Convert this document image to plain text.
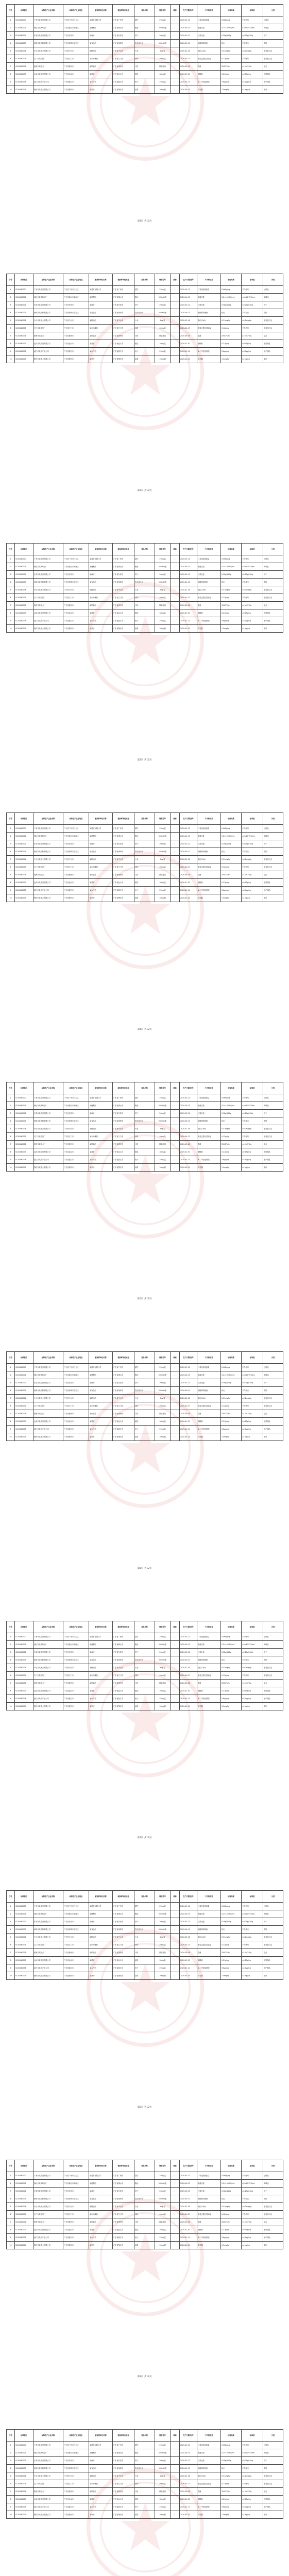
序号	抽样编号	标称生产企业名称	标称生产企业地址	被抽样单位名称	被抽样单位地址	食品名称	规格型号	商标	生产日期/批号	不合格项目	检验结果	标准值	分类
1	SC20440000	广州市某食品有限公司	广东省广州市白云区	某超市有限公司	广东省广州市	腐竹	250g/袋	/	2020-05-12	二氧化硫残留量	0.068g/kg	不得使用	豆制品
2	SC20440001	佛山市某调味品厂	广东省佛山市南海区	某便利店	广东省佛山市	酱油	500mL/瓶	/	2020-04-03	菌落总数	5.2×10⁴CFU/mL	≤3×10⁴CFU/mL	调味品
3	SC20440002	东莞市某食品有限公司	广东省东莞市	某商行	广东省东莞市	饼干	200g/包	/	2020-03-21	过氧化值	0.38g/100g	≤0.25g/100g	饼干
4	SC20440003	深圳市某饮料有限公司	广东省深圳市宝安区	某食品店	广东省深圳市	饮用纯净水	550mL/瓶	/	2020-05-01	铜绿假单胞菌	检出	不得检出	饮料
5	SC20440004	中山市某米业有限公司	广东省中山市	某粮油店	广东省中山市	大米	5kg/袋	/	2020-02-16	镉(以Cd计)	0.31mg/kg	≤0.2mg/kg	粮食加工品
6	SC20440005	江门市某食品厂	广东省江门市	某市场摊档	广东省江门市	米粉	400g/袋	/	2020-04-27	脱氢乙酸及其钠盐	0.12g/kg	不得使用	粮食加工品
7	SC20440006	惠州市某糕点厂	广东省惠州市	某烘焙店	广东省惠州市	月饼	散装称重	/	2020-05-08	霉菌	320CFU/g	≤150CFU/g	糕点
8	SC20440007	汕头市某食品有限公司	广东省汕头市	某超市	广东省汕头市	蜜饯	180g/袋	/	2020-01-30	糖精钠	0.21g/kg	≤0.15g/kg	水果制品
9	SC20440008	湛江市某水产品公司	广东省湛江市	某水产店	广东省湛江市	鱼干	250g/袋	/	2020-03-11	N-二甲基亚硝胺	5.6μg/kg	≤4.0μg/kg	水产制品
10	SC20440009	肇庆市某茶业有限公司	广东省肇庆市	某茶行	广东省肇庆市	绿茶	100g/罐	/	2020-04-15	草甘膦	1.5mg/kg	≤1mg/kg	茶叶
第1页 共12页
序号	抽样编号	标称生产企业名称	标称生产企业地址	被抽样单位名称	被抽样单位地址	食品名称	规格型号	商标	生产日期/批号	不合格项目	检验结果	标准值	分类
1	SC20440000	广州市某食品有限公司	广东省广州市白云区	某超市有限公司	广东省广州市	腐竹	250g/袋	/	2020-05-12	二氧化硫残留量	0.068g/kg	不得使用	豆制品
2	SC20440001	佛山市某调味品厂	广东省佛山市南海区	某便利店	广东省佛山市	酱油	500mL/瓶	/	2020-04-03	菌落总数	5.2×10⁴CFU/mL	≤3×10⁴CFU/mL	调味品
3	SC20440002	东莞市某食品有限公司	广东省东莞市	某商行	广东省东莞市	饼干	200g/包	/	2020-03-21	过氧化值	0.38g/100g	≤0.25g/100g	饼干
4	SC20440003	深圳市某饮料有限公司	广东省深圳市宝安区	某食品店	广东省深圳市	饮用纯净水	550mL/瓶	/	2020-05-01	铜绿假单胞菌	检出	不得检出	饮料
5	SC20440004	中山市某米业有限公司	广东省中山市	某粮油店	广东省中山市	大米	5kg/袋	/	2020-02-16	镉(以Cd计)	0.31mg/kg	≤0.2mg/kg	粮食加工品
6	SC20440005	江门市某食品厂	广东省江门市	某市场摊档	广东省江门市	米粉	400g/袋	/	2020-04-27	脱氢乙酸及其钠盐	0.12g/kg	不得使用	粮食加工品
7	SC20440006	惠州市某糕点厂	广东省惠州市	某烘焙店	广东省惠州市	月饼	散装称重	/	2020-05-08	霉菌	320CFU/g	≤150CFU/g	糕点
8	SC20440007	汕头市某食品有限公司	广东省汕头市	某超市	广东省汕头市	蜜饯	180g/袋	/	2020-01-30	糖精钠	0.21g/kg	≤0.15g/kg	水果制品
9	SC20440008	湛江市某水产品公司	广东省湛江市	某水产店	广东省湛江市	鱼干	250g/袋	/	2020-03-11	N-二甲基亚硝胺	5.6μg/kg	≤4.0μg/kg	水产制品
10	SC20440009	肇庆市某茶业有限公司	广东省肇庆市	某茶行	广东省肇庆市	绿茶	100g/罐	/	2020-04-15	草甘膦	1.5mg/kg	≤1mg/kg	茶叶
第2页 共12页
序号	抽样编号	标称生产企业名称	标称生产企业地址	被抽样单位名称	被抽样单位地址	食品名称	规格型号	商标	生产日期/批号	不合格项目	检验结果	标准值	分类
1	SC20440000	广州市某食品有限公司	广东省广州市白云区	某超市有限公司	广东省广州市	腐竹	250g/袋	/	2020-05-12	二氧化硫残留量	0.068g/kg	不得使用	豆制品
2	SC20440001	佛山市某调味品厂	广东省佛山市南海区	某便利店	广东省佛山市	酱油	500mL/瓶	/	2020-04-03	菌落总数	5.2×10⁴CFU/mL	≤3×10⁴CFU/mL	调味品
3	SC20440002	东莞市某食品有限公司	广东省东莞市	某商行	广东省东莞市	饼干	200g/包	/	2020-03-21	过氧化值	0.38g/100g	≤0.25g/100g	饼干
4	SC20440003	深圳市某饮料有限公司	广东省深圳市宝安区	某食品店	广东省深圳市	饮用纯净水	550mL/瓶	/	2020-05-01	铜绿假单胞菌	检出	不得检出	饮料
5	SC20440004	中山市某米业有限公司	广东省中山市	某粮油店	广东省中山市	大米	5kg/袋	/	2020-02-16	镉(以Cd计)	0.31mg/kg	≤0.2mg/kg	粮食加工品
6	SC20440005	江门市某食品厂	广东省江门市	某市场摊档	广东省江门市	米粉	400g/袋	/	2020-04-27	脱氢乙酸及其钠盐	0.12g/kg	不得使用	粮食加工品
7	SC20440006	惠州市某糕点厂	广东省惠州市	某烘焙店	广东省惠州市	月饼	散装称重	/	2020-05-08	霉菌	320CFU/g	≤150CFU/g	糕点
8	SC20440007	汕头市某食品有限公司	广东省汕头市	某超市	广东省汕头市	蜜饯	180g/袋	/	2020-01-30	糖精钠	0.21g/kg	≤0.15g/kg	水果制品
9	SC20440008	湛江市某水产品公司	广东省湛江市	某水产店	广东省湛江市	鱼干	250g/袋	/	2020-03-11	N-二甲基亚硝胺	5.6μg/kg	≤4.0μg/kg	水产制品
10	SC20440009	肇庆市某茶业有限公司	广东省肇庆市	某茶行	广东省肇庆市	绿茶	100g/罐	/	2020-04-15	草甘膦	1.5mg/kg	≤1mg/kg	茶叶
第3页 共12页
序号	抽样编号	标称生产企业名称	标称生产企业地址	被抽样单位名称	被抽样单位地址	食品名称	规格型号	商标	生产日期/批号	不合格项目	检验结果	标准值	分类
1	SC20440000	广州市某食品有限公司	广东省广州市白云区	某超市有限公司	广东省广州市	腐竹	250g/袋	/	2020-05-12	二氧化硫残留量	0.068g/kg	不得使用	豆制品
2	SC20440001	佛山市某调味品厂	广东省佛山市南海区	某便利店	广东省佛山市	酱油	500mL/瓶	/	2020-04-03	菌落总数	5.2×10⁴CFU/mL	≤3×10⁴CFU/mL	调味品
3	SC20440002	东莞市某食品有限公司	广东省东莞市	某商行	广东省东莞市	饼干	200g/包	/	2020-03-21	过氧化值	0.38g/100g	≤0.25g/100g	饼干
4	SC20440003	深圳市某饮料有限公司	广东省深圳市宝安区	某食品店	广东省深圳市	饮用纯净水	550mL/瓶	/	2020-05-01	铜绿假单胞菌	检出	不得检出	饮料
5	SC20440004	中山市某米业有限公司	广东省中山市	某粮油店	广东省中山市	大米	5kg/袋	/	2020-02-16	镉(以Cd计)	0.31mg/kg	≤0.2mg/kg	粮食加工品
6	SC20440005	江门市某食品厂	广东省江门市	某市场摊档	广东省江门市	米粉	400g/袋	/	2020-04-27	脱氢乙酸及其钠盐	0.12g/kg	不得使用	粮食加工品
7	SC20440006	惠州市某糕点厂	广东省惠州市	某烘焙店	广东省惠州市	月饼	散装称重	/	2020-05-08	霉菌	320CFU/g	≤150CFU/g	糕点
8	SC20440007	汕头市某食品有限公司	广东省汕头市	某超市	广东省汕头市	蜜饯	180g/袋	/	2020-01-30	糖精钠	0.21g/kg	≤0.15g/kg	水果制品
9	SC20440008	湛江市某水产品公司	广东省湛江市	某水产店	广东省湛江市	鱼干	250g/袋	/	2020-03-11	N-二甲基亚硝胺	5.6μg/kg	≤4.0μg/kg	水产制品
10	SC20440009	肇庆市某茶业有限公司	广东省肇庆市	某茶行	广东省肇庆市	绿茶	100g/罐	/	2020-04-15	草甘膦	1.5mg/kg	≤1mg/kg	茶叶
第4页 共12页
序号	抽样编号	标称生产企业名称	标称生产企业地址	被抽样单位名称	被抽样单位地址	食品名称	规格型号	商标	生产日期/批号	不合格项目	检验结果	标准值	分类
1	SC20440000	广州市某食品有限公司	广东省广州市白云区	某超市有限公司	广东省广州市	腐竹	250g/袋	/	2020-05-12	二氧化硫残留量	0.068g/kg	不得使用	豆制品
2	SC20440001	佛山市某调味品厂	广东省佛山市南海区	某便利店	广东省佛山市	酱油	500mL/瓶	/	2020-04-03	菌落总数	5.2×10⁴CFU/mL	≤3×10⁴CFU/mL	调味品
3	SC20440002	东莞市某食品有限公司	广东省东莞市	某商行	广东省东莞市	饼干	200g/包	/	2020-03-21	过氧化值	0.38g/100g	≤0.25g/100g	饼干
4	SC20440003	深圳市某饮料有限公司	广东省深圳市宝安区	某食品店	广东省深圳市	饮用纯净水	550mL/瓶	/	2020-05-01	铜绿假单胞菌	检出	不得检出	饮料
5	SC20440004	中山市某米业有限公司	广东省中山市	某粮油店	广东省中山市	大米	5kg/袋	/	2020-02-16	镉(以Cd计)	0.31mg/kg	≤0.2mg/kg	粮食加工品
6	SC20440005	江门市某食品厂	广东省江门市	某市场摊档	广东省江门市	米粉	400g/袋	/	2020-04-27	脱氢乙酸及其钠盐	0.12g/kg	不得使用	粮食加工品
7	SC20440006	惠州市某糕点厂	广东省惠州市	某烘焙店	广东省惠州市	月饼	散装称重	/	2020-05-08	霉菌	320CFU/g	≤150CFU/g	糕点
8	SC20440007	汕头市某食品有限公司	广东省汕头市	某超市	广东省汕头市	蜜饯	180g/袋	/	2020-01-30	糖精钠	0.21g/kg	≤0.15g/kg	水果制品
9	SC20440008	湛江市某水产品公司	广东省湛江市	某水产店	广东省湛江市	鱼干	250g/袋	/	2020-03-11	N-二甲基亚硝胺	5.6μg/kg	≤4.0μg/kg	水产制品
10	SC20440009	肇庆市某茶业有限公司	广东省肇庆市	某茶行	广东省肇庆市	绿茶	100g/罐	/	2020-04-15	草甘膦	1.5mg/kg	≤1mg/kg	茶叶
第5页 共12页
序号	抽样编号	标称生产企业名称	标称生产企业地址	被抽样单位名称	被抽样单位地址	食品名称	规格型号	商标	生产日期/批号	不合格项目	检验结果	标准值	分类
1	SC20440000	广州市某食品有限公司	广东省广州市白云区	某超市有限公司	广东省广州市	腐竹	250g/袋	/	2020-05-12	二氧化硫残留量	0.068g/kg	不得使用	豆制品
2	SC20440001	佛山市某调味品厂	广东省佛山市南海区	某便利店	广东省佛山市	酱油	500mL/瓶	/	2020-04-03	菌落总数	5.2×10⁴CFU/mL	≤3×10⁴CFU/mL	调味品
3	SC20440002	东莞市某食品有限公司	广东省东莞市	某商行	广东省东莞市	饼干	200g/包	/	2020-03-21	过氧化值	0.38g/100g	≤0.25g/100g	饼干
4	SC20440003	深圳市某饮料有限公司	广东省深圳市宝安区	某食品店	广东省深圳市	饮用纯净水	550mL/瓶	/	2020-05-01	铜绿假单胞菌	检出	不得检出	饮料
5	SC20440004	中山市某米业有限公司	广东省中山市	某粮油店	广东省中山市	大米	5kg/袋	/	2020-02-16	镉(以Cd计)	0.31mg/kg	≤0.2mg/kg	粮食加工品
6	SC20440005	江门市某食品厂	广东省江门市	某市场摊档	广东省江门市	米粉	400g/袋	/	2020-04-27	脱氢乙酸及其钠盐	0.12g/kg	不得使用	粮食加工品
7	SC20440006	惠州市某糕点厂	广东省惠州市	某烘焙店	广东省惠州市	月饼	散装称重	/	2020-05-08	霉菌	320CFU/g	≤150CFU/g	糕点
8	SC20440007	汕头市某食品有限公司	广东省汕头市	某超市	广东省汕头市	蜜饯	180g/袋	/	2020-01-30	糖精钠	0.21g/kg	≤0.15g/kg	水果制品
9	SC20440008	湛江市某水产品公司	广东省湛江市	某水产店	广东省湛江市	鱼干	250g/袋	/	2020-03-11	N-二甲基亚硝胺	5.6μg/kg	≤4.0μg/kg	水产制品
10	SC20440009	肇庆市某茶业有限公司	广东省肇庆市	某茶行	广东省肇庆市	绿茶	100g/罐	/	2020-04-15	草甘膦	1.5mg/kg	≤1mg/kg	茶叶
第6页 共12页
序号	抽样编号	标称生产企业名称	标称生产企业地址	被抽样单位名称	被抽样单位地址	食品名称	规格型号	商标	生产日期/批号	不合格项目	检验结果	标准值	分类
1	SC20440000	广州市某食品有限公司	广东省广州市白云区	某超市有限公司	广东省广州市	腐竹	250g/袋	/	2020-05-12	二氧化硫残留量	0.068g/kg	不得使用	豆制品
2	SC20440001	佛山市某调味品厂	广东省佛山市南海区	某便利店	广东省佛山市	酱油	500mL/瓶	/	2020-04-03	菌落总数	5.2×10⁴CFU/mL	≤3×10⁴CFU/mL	调味品
3	SC20440002	东莞市某食品有限公司	广东省东莞市	某商行	广东省东莞市	饼干	200g/包	/	2020-03-21	过氧化值	0.38g/100g	≤0.25g/100g	饼干
4	SC20440003	深圳市某饮料有限公司	广东省深圳市宝安区	某食品店	广东省深圳市	饮用纯净水	550mL/瓶	/	2020-05-01	铜绿假单胞菌	检出	不得检出	饮料
5	SC20440004	中山市某米业有限公司	广东省中山市	某粮油店	广东省中山市	大米	5kg/袋	/	2020-02-16	镉(以Cd计)	0.31mg/kg	≤0.2mg/kg	粮食加工品
6	SC20440005	江门市某食品厂	广东省江门市	某市场摊档	广东省江门市	米粉	400g/袋	/	2020-04-27	脱氢乙酸及其钠盐	0.12g/kg	不得使用	粮食加工品
7	SC20440006	惠州市某糕点厂	广东省惠州市	某烘焙店	广东省惠州市	月饼	散装称重	/	2020-05-08	霉菌	320CFU/g	≤150CFU/g	糕点
8	SC20440007	汕头市某食品有限公司	广东省汕头市	某超市	广东省汕头市	蜜饯	180g/袋	/	2020-01-30	糖精钠	0.21g/kg	≤0.15g/kg	水果制品
9	SC20440008	湛江市某水产品公司	广东省湛江市	某水产店	广东省湛江市	鱼干	250g/袋	/	2020-03-11	N-二甲基亚硝胺	5.6μg/kg	≤4.0μg/kg	水产制品
10	SC20440009	肇庆市某茶业有限公司	广东省肇庆市	某茶行	广东省肇庆市	绿茶	100g/罐	/	2020-04-15	草甘膦	1.5mg/kg	≤1mg/kg	茶叶
第7页 共12页
序号	抽样编号	标称生产企业名称	标称生产企业地址	被抽样单位名称	被抽样单位地址	食品名称	规格型号	商标	生产日期/批号	不合格项目	检验结果	标准值	分类
1	SC20440000	广州市某食品有限公司	广东省广州市白云区	某超市有限公司	广东省广州市	腐竹	250g/袋	/	2020-05-12	二氧化硫残留量	0.068g/kg	不得使用	豆制品
2	SC20440001	佛山市某调味品厂	广东省佛山市南海区	某便利店	广东省佛山市	酱油	500mL/瓶	/	2020-04-03	菌落总数	5.2×10⁴CFU/mL	≤3×10⁴CFU/mL	调味品
3	SC20440002	东莞市某食品有限公司	广东省东莞市	某商行	广东省东莞市	饼干	200g/包	/	2020-03-21	过氧化值	0.38g/100g	≤0.25g/100g	饼干
4	SC20440003	深圳市某饮料有限公司	广东省深圳市宝安区	某食品店	广东省深圳市	饮用纯净水	550mL/瓶	/	2020-05-01	铜绿假单胞菌	检出	不得检出	饮料
5	SC20440004	中山市某米业有限公司	广东省中山市	某粮油店	广东省中山市	大米	5kg/袋	/	2020-02-16	镉(以Cd计)	0.31mg/kg	≤0.2mg/kg	粮食加工品
6	SC20440005	江门市某食品厂	广东省江门市	某市场摊档	广东省江门市	米粉	400g/袋	/	2020-04-27	脱氢乙酸及其钠盐	0.12g/kg	不得使用	粮食加工品
7	SC20440006	惠州市某糕点厂	广东省惠州市	某烘焙店	广东省惠州市	月饼	散装称重	/	2020-05-08	霉菌	320CFU/g	≤150CFU/g	糕点
8	SC20440007	汕头市某食品有限公司	广东省汕头市	某超市	广东省汕头市	蜜饯	180g/袋	/	2020-01-30	糖精钠	0.21g/kg	≤0.15g/kg	水果制品
9	SC20440008	湛江市某水产品公司	广东省湛江市	某水产店	广东省湛江市	鱼干	250g/袋	/	2020-03-11	N-二甲基亚硝胺	5.6μg/kg	≤4.0μg/kg	水产制品
10	SC20440009	肇庆市某茶业有限公司	广东省肇庆市	某茶行	广东省肇庆市	绿茶	100g/罐	/	2020-04-15	草甘膦	1.5mg/kg	≤1mg/kg	茶叶
第8页 共12页
序号	抽样编号	标称生产企业名称	标称生产企业地址	被抽样单位名称	被抽样单位地址	食品名称	规格型号	商标	生产日期/批号	不合格项目	检验结果	标准值	分类
1	SC20440000	广州市某食品有限公司	广东省广州市白云区	某超市有限公司	广东省广州市	腐竹	250g/袋	/	2020-05-12	二氧化硫残留量	0.068g/kg	不得使用	豆制品
2	SC20440001	佛山市某调味品厂	广东省佛山市南海区	某便利店	广东省佛山市	酱油	500mL/瓶	/	2020-04-03	菌落总数	5.2×10⁴CFU/mL	≤3×10⁴CFU/mL	调味品
3	SC20440002	东莞市某食品有限公司	广东省东莞市	某商行	广东省东莞市	饼干	200g/包	/	2020-03-21	过氧化值	0.38g/100g	≤0.25g/100g	饼干
4	SC20440003	深圳市某饮料有限公司	广东省深圳市宝安区	某食品店	广东省深圳市	饮用纯净水	550mL/瓶	/	2020-05-01	铜绿假单胞菌	检出	不得检出	饮料
5	SC20440004	中山市某米业有限公司	广东省中山市	某粮油店	广东省中山市	大米	5kg/袋	/	2020-02-16	镉(以Cd计)	0.31mg/kg	≤0.2mg/kg	粮食加工品
6	SC20440005	江门市某食品厂	广东省江门市	某市场摊档	广东省江门市	米粉	400g/袋	/	2020-04-27	脱氢乙酸及其钠盐	0.12g/kg	不得使用	粮食加工品
7	SC20440006	惠州市某糕点厂	广东省惠州市	某烘焙店	广东省惠州市	月饼	散装称重	/	2020-05-08	霉菌	320CFU/g	≤150CFU/g	糕点
8	SC20440007	汕头市某食品有限公司	广东省汕头市	某超市	广东省汕头市	蜜饯	180g/袋	/	2020-01-30	糖精钠	0.21g/kg	≤0.15g/kg	水果制品
9	SC20440008	湛江市某水产品公司	广东省湛江市	某水产店	广东省湛江市	鱼干	250g/袋	/	2020-03-11	N-二甲基亚硝胺	5.6μg/kg	≤4.0μg/kg	水产制品
10	SC20440009	肇庆市某茶业有限公司	广东省肇庆市	某茶行	广东省肇庆市	绿茶	100g/罐	/	2020-04-15	草甘膦	1.5mg/kg	≤1mg/kg	茶叶
第9页 共12页
序号	抽样编号	标称生产企业名称	标称生产企业地址	被抽样单位名称	被抽样单位地址	食品名称	规格型号	商标	生产日期/批号	不合格项目	检验结果	标准值	分类
1	SC20440000	广州市某食品有限公司	广东省广州市白云区	某超市有限公司	广东省广州市	腐竹	250g/袋	/	2020-05-12	二氧化硫残留量	0.068g/kg	不得使用	豆制品
2	SC20440001	佛山市某调味品厂	广东省佛山市南海区	某便利店	广东省佛山市	酱油	500mL/瓶	/	2020-04-03	菌落总数	5.2×10⁴CFU/mL	≤3×10⁴CFU/mL	调味品
3	SC20440002	东莞市某食品有限公司	广东省东莞市	某商行	广东省东莞市	饼干	200g/包	/	2020-03-21	过氧化值	0.38g/100g	≤0.25g/100g	饼干
4	SC20440003	深圳市某饮料有限公司	广东省深圳市宝安区	某食品店	广东省深圳市	饮用纯净水	550mL/瓶	/	2020-05-01	铜绿假单胞菌	检出	不得检出	饮料
5	SC20440004	中山市某米业有限公司	广东省中山市	某粮油店	广东省中山市	大米	5kg/袋	/	2020-02-16	镉(以Cd计)	0.31mg/kg	≤0.2mg/kg	粮食加工品
6	SC20440005	江门市某食品厂	广东省江门市	某市场摊档	广东省江门市	米粉	400g/袋	/	2020-04-27	脱氢乙酸及其钠盐	0.12g/kg	不得使用	粮食加工品
7	SC20440006	惠州市某糕点厂	广东省惠州市	某烘焙店	广东省惠州市	月饼	散装称重	/	2020-05-08	霉菌	320CFU/g	≤150CFU/g	糕点
8	SC20440007	汕头市某食品有限公司	广东省汕头市	某超市	广东省汕头市	蜜饯	180g/袋	/	2020-01-30	糖精钠	0.21g/kg	≤0.15g/kg	水果制品
9	SC20440008	湛江市某水产品公司	广东省湛江市	某水产店	广东省湛江市	鱼干	250g/袋	/	2020-03-11	N-二甲基亚硝胺	5.6μg/kg	≤4.0μg/kg	水产制品
10	SC20440009	肇庆市某茶业有限公司	广东省肇庆市	某茶行	广东省肇庆市	绿茶	100g/罐	/	2020-04-15	草甘膦	1.5mg/kg	≤1mg/kg	茶叶
